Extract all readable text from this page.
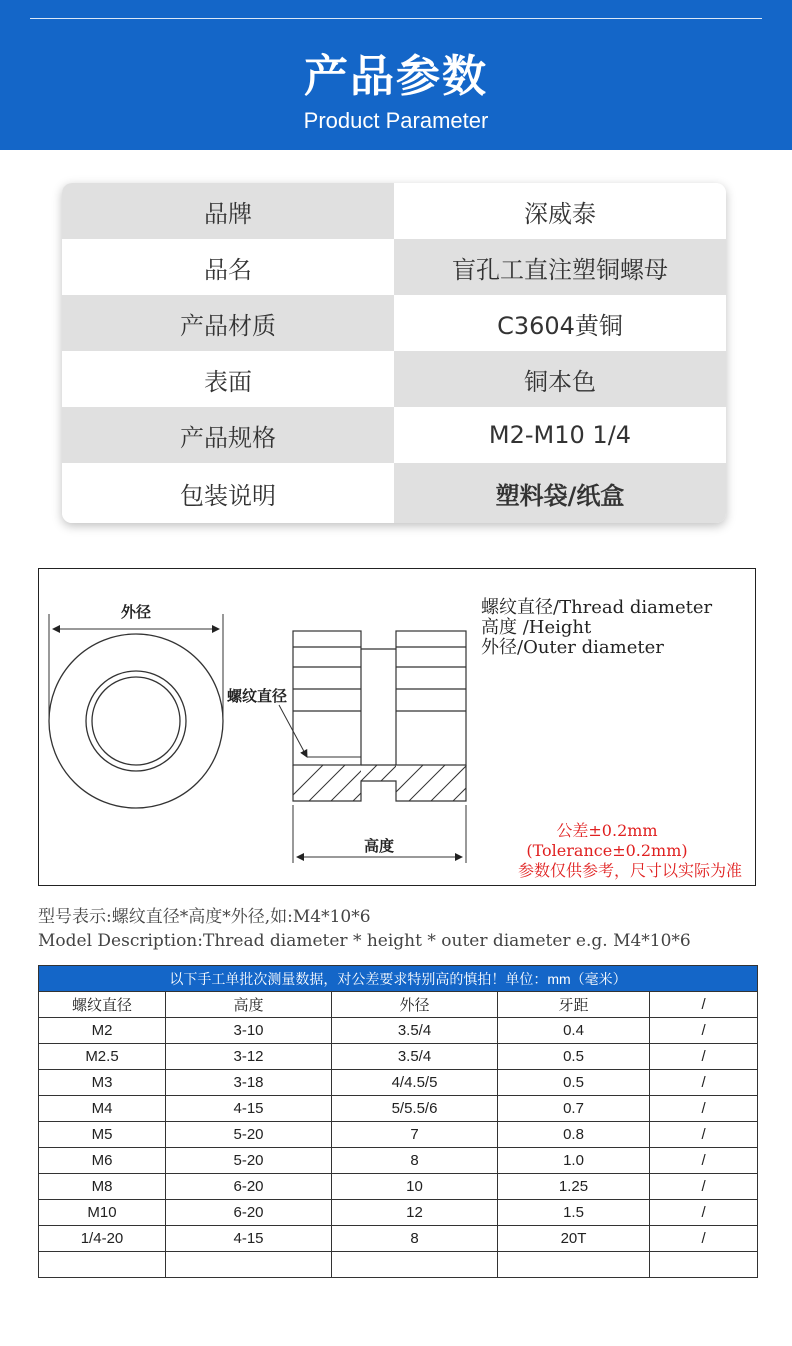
产品参数
Product Parameter
品牌	深威泰
品名	盲孔工直注塑铜螺母
产品材质	C3604黄铜
表面	铜本色
产品规格	M2-M10 1/4
包装说明	塑料袋/纸盒
外径
螺纹直径
高度
螺纹直径/Thread diameter
高度 /Height
外径/Outer diameter
公差±0.2mm
(Tolerance±0.2mm)
参数仅供参考，尺寸以实际为准
型号表示:螺纹直径*高度*外径,如:M4*10*6
Model Description:Thread diameter * height * outer diameter e.g. M4*10*6
以下手工单批次测量数据，对公差要求特别高的慎拍！单位：mm（毫米）				
螺纹直径	高度	外径	牙距	/
M2	3-10	3.5/4	0.4	/
M2.5	3-12	3.5/4	0.5	/
M3	3-18	4/4.5/5	0.5	/
M4	4-15	5/5.5/6	0.7	/
M5	5-20	7	0.8	/
M6	5-20	8	1.0	/
M8	6-20	10	1.25	/
M10	6-20	12	1.5	/
1/4-20	4-15	8	20T	/
